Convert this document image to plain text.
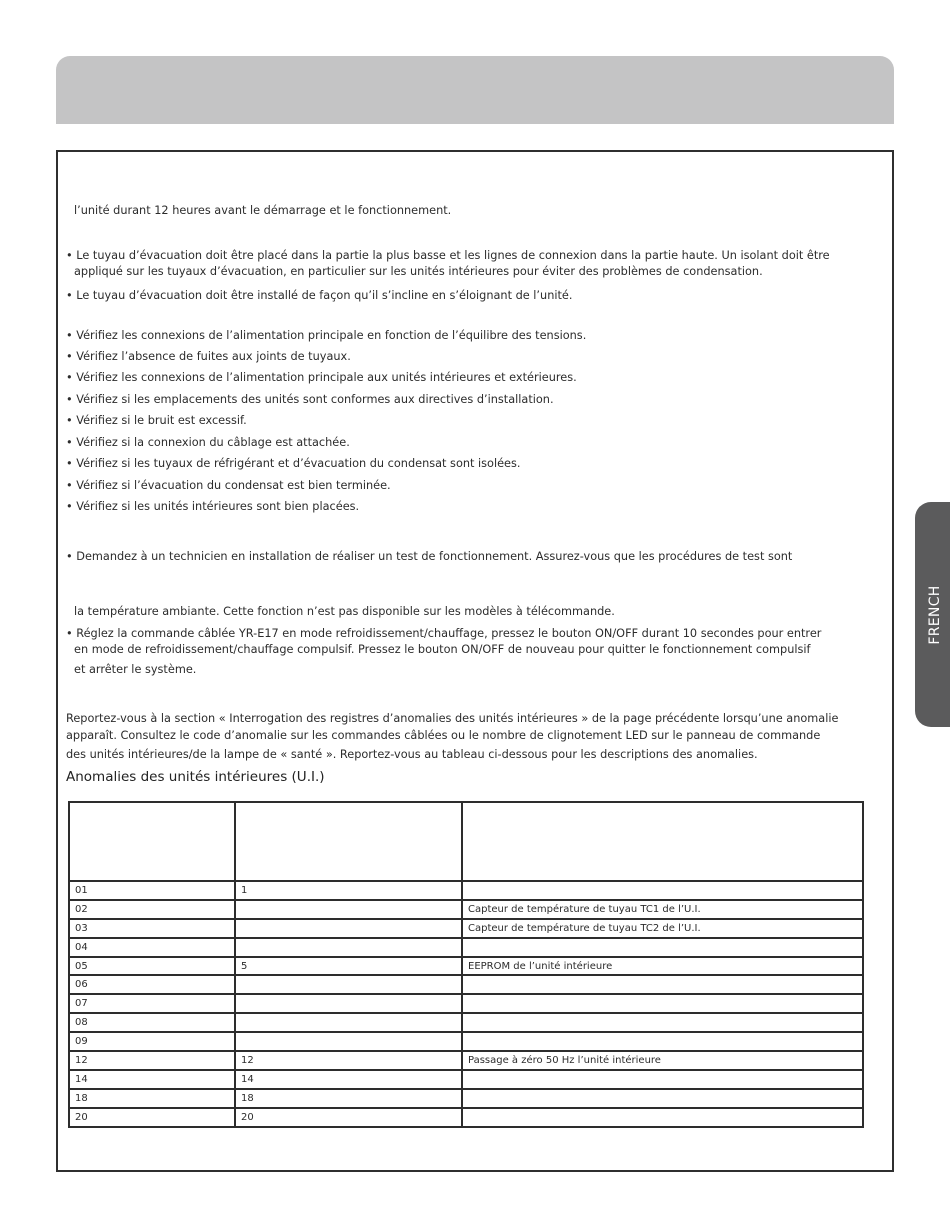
l’unité durant 12 heures avant le démarrage et le fonctionnement.
• Le tuyau d’évacuation doit être placé dans la partie la plus basse et les lignes de connexion dans la partie haute. Un isolant doit être
appliqué sur les tuyaux d’évacuation, en particulier sur les unités intérieures pour éviter des problèmes de condensation.
• Le tuyau d’évacuation doit être installé de façon qu’il s’incline en s’éloignant de l’unité.
• Vérifiez les connexions de l’alimentation principale en fonction de l’équilibre des tensions.
• Vérifiez l’absence de fuites aux joints de tuyaux.
• Vérifiez les connexions de l’alimentation principale aux unités intérieures et extérieures.
• Vérifiez si les emplacements des unités sont conformes aux directives d’installation.
• Vérifiez si le bruit est excessif.
• Vérifiez si la connexion du câblage est attachée.
• Vérifiez si les tuyaux de réfrigérant et d’évacuation du condensat sont isolées.
• Vérifiez si l’évacuation du condensat est bien terminée.
• Vérifiez si les unités intérieures sont bien placées.
• Demandez à un technicien en installation de réaliser un test de fonctionnement. Assurez-vous que les procédures de test sont
la température ambiante. Cette fonction n’est pas disponible sur les modèles à télécommande.
• Réglez la commande câblée YR-E17 en mode refroidissement/chauffage, pressez le bouton ON/OFF durant 10 secondes pour entrer
en mode de refroidissement/chauffage compulsif. Pressez le bouton ON/OFF de nouveau pour quitter le fonctionnement compulsif
et arrêter le système.
Reportez-vous à la section « Interrogation des registres d’anomalies des unités intérieures » de la page précédente lorsqu’une anomalie
apparaît. Consultez le code d’anomalie sur les commandes câblées ou le nombre de clignotement LED sur le panneau de commande
des unités intérieures/de la lampe de « santé ». Reportez-vous au tableau ci-dessous pour les descriptions des anomalies.
Anomalies des unités intérieures (U.I.)

01	1	
02		Capteur de température de tuyau TC1 de l’U.I.
03		Capteur de température de tuyau TC2 de l’U.I.
04		
05	5	EEPROM de l’unité intérieure
06		
07		
08		
09		
12	12	Passage à zéro 50 Hz l’unité intérieure
14	14	
18	18	
20	20	
FRENCH
